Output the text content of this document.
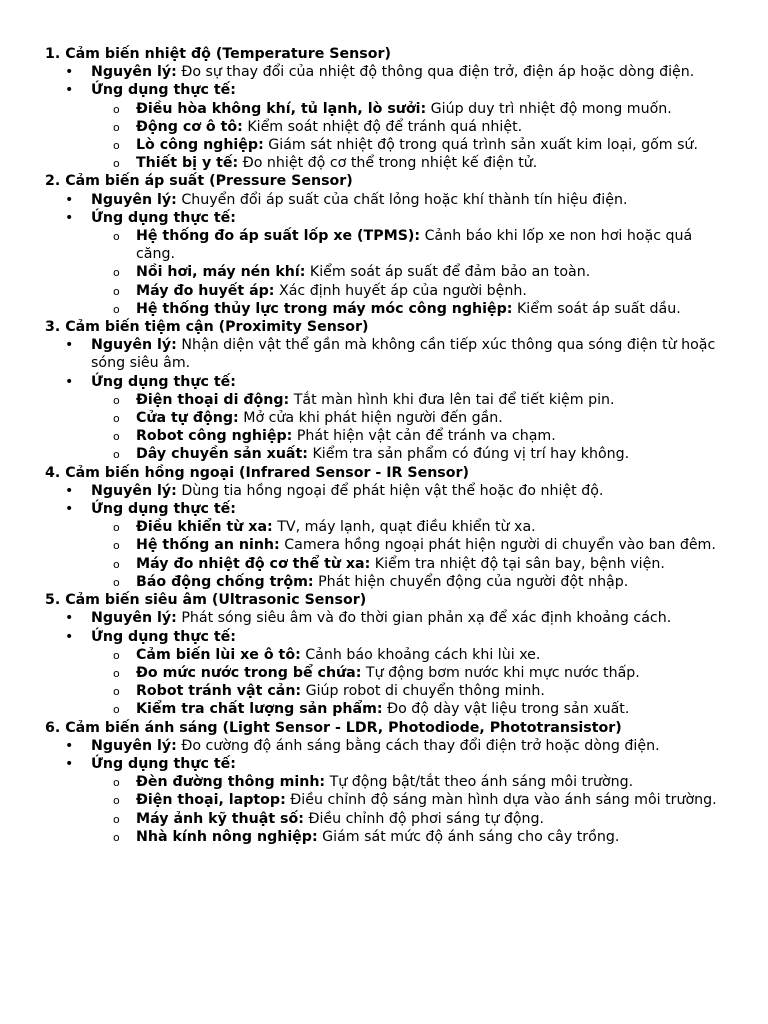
1. Cảm biến nhiệt độ (Temperature Sensor)
• Nguyên lý: Đo sự thay đổi của nhiệt độ thông qua điện trở, điện áp hoặc dòng điện.
• Ứng dụng thực tế:
o Điều hòa không khí, tủ lạnh, lò sưởi: Giúp duy trì nhiệt độ mong muốn.
o Động cơ ô tô: Kiểm soát nhiệt độ để tránh quá nhiệt.
o Lò công nghiệp: Giám sát nhiệt độ trong quá trình sản xuất kim loại, gốm sứ.
o Thiết bị y tế: Đo nhiệt độ cơ thể trong nhiệt kế điện tử.
2. Cảm biến áp suất (Pressure Sensor)
• Nguyên lý: Chuyển đổi áp suất của chất lỏng hoặc khí thành tín hiệu điện.
• Ứng dụng thực tế:
o Hệ thống đo áp suất lốp xe (TPMS): Cảnh báo khi lốp xe non hơi hoặc quá căng.
o Nồi hơi, máy nén khí: Kiểm soát áp suất để đảm bảo an toàn.
o Máy đo huyết áp: Xác định huyết áp của người bệnh.
o Hệ thống thủy lực trong máy móc công nghiệp: Kiểm soát áp suất dầu.
3. Cảm biến tiệm cận (Proximity Sensor)
• Nguyên lý: Nhận diện vật thể gần mà không cần tiếp xúc thông qua sóng điện từ hoặc sóng siêu âm.
• Ứng dụng thực tế:
o Điện thoại di động: Tắt màn hình khi đưa lên tai để tiết kiệm pin.
o Cửa tự động: Mở cửa khi phát hiện người đến gần.
o Robot công nghiệp: Phát hiện vật cản để tránh va chạm.
o Dây chuyền sản xuất: Kiểm tra sản phẩm có đúng vị trí hay không.
4. Cảm biến hồng ngoại (Infrared Sensor - IR Sensor)
• Nguyên lý: Dùng tia hồng ngoại để phát hiện vật thể hoặc đo nhiệt độ.
• Ứng dụng thực tế:
o Điều khiển từ xa: TV, máy lạnh, quạt điều khiển từ xa.
o Hệ thống an ninh: Camera hồng ngoại phát hiện người di chuyển vào ban đêm.
o Máy đo nhiệt độ cơ thể từ xa: Kiểm tra nhiệt độ tại sân bay, bệnh viện.
o Báo động chống trộm: Phát hiện chuyển động của người đột nhập.
5. Cảm biến siêu âm (Ultrasonic Sensor)
• Nguyên lý: Phát sóng siêu âm và đo thời gian phản xạ để xác định khoảng cách.
• Ứng dụng thực tế:
o Cảm biến lùi xe ô tô: Cảnh báo khoảng cách khi lùi xe.
o Đo mức nước trong bể chứa: Tự động bơm nước khi mực nước thấp.
o Robot tránh vật cản: Giúp robot di chuyển thông minh.
o Kiểm tra chất lượng sản phẩm: Đo độ dày vật liệu trong sản xuất.
6. Cảm biến ánh sáng (Light Sensor - LDR, Photodiode, Phototransistor)
• Nguyên lý: Đo cường độ ánh sáng bằng cách thay đổi điện trở hoặc dòng điện.
• Ứng dụng thực tế:
o Đèn đường thông minh: Tự động bật/tắt theo ánh sáng môi trường.
o Điện thoại, laptop: Điều chỉnh độ sáng màn hình dựa vào ánh sáng môi trường.
o Máy ảnh kỹ thuật số: Điều chỉnh độ phơi sáng tự động.
o Nhà kính nông nghiệp: Giám sát mức độ ánh sáng cho cây trồng.
